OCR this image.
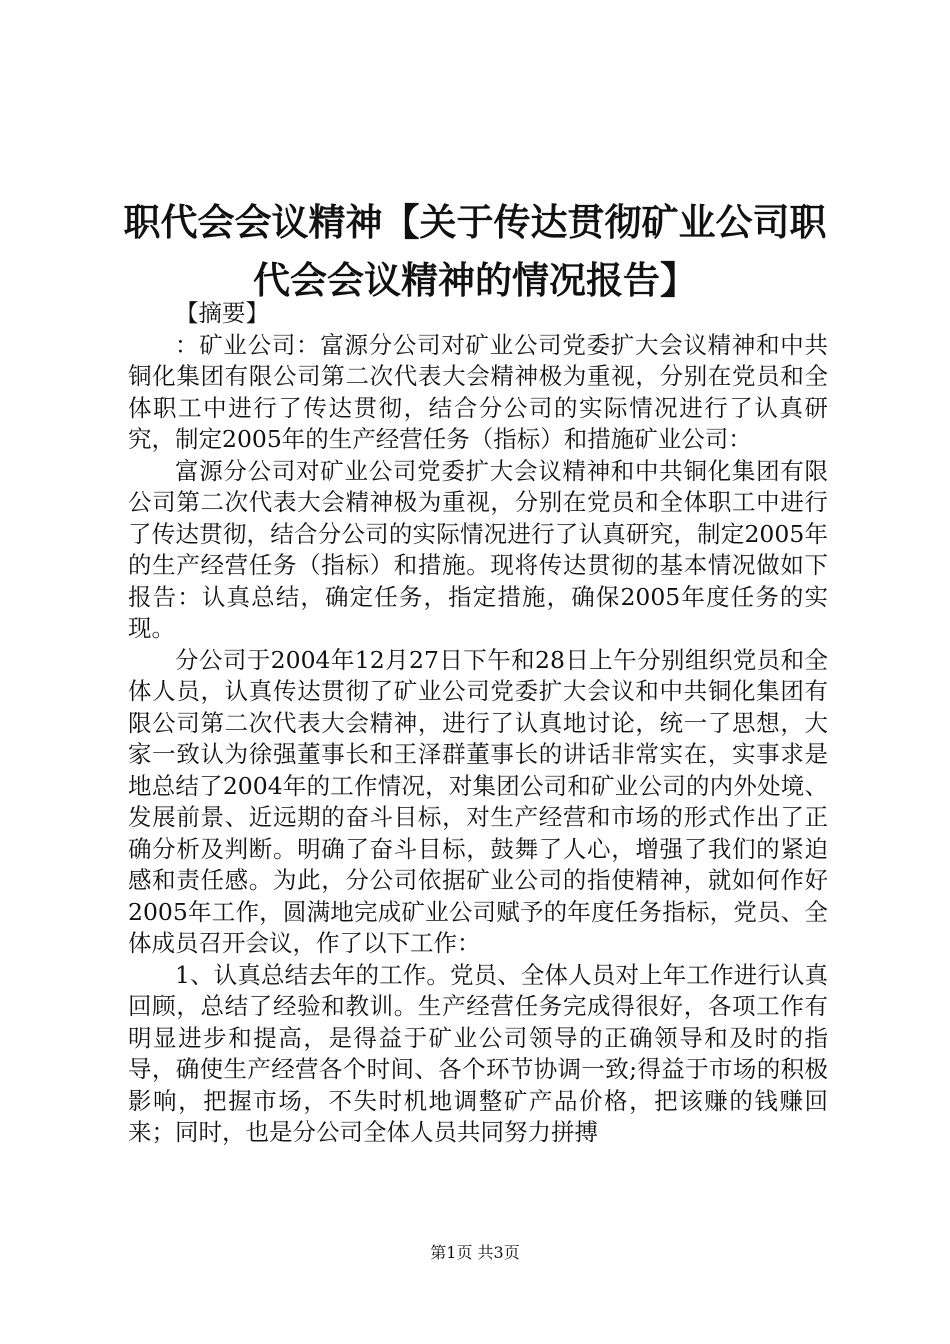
职代会会议精神【关于传达贯彻矿业公司职代会会议精神的情况报告】

【摘要】

：矿业公司：富源分公司对矿业公司党委扩大会议精神和中共铜化集团有限公司第二次代表大会精神极为重视，分别在党员和全体职工中进行了传达贯彻，结合分公司的实际情况进行了认真研究，制定2005年的生产经营任务（指标）和措施矿业公司：

富源分公司对矿业公司党委扩大会议精神和中共铜化集团有限公司第二次代表大会精神极为重视，分别在党员和全体职工中进行了传达贯彻，结合分公司的实际情况进行了认真研究，制定2005年的生产经营任务（指标）和措施。现将传达贯彻的基本情况做如下报告：认真总结，确定任务，指定措施，确保2005年度任务的实现。

分公司于2004年12月27日下午和28日上午分别组织党员和全体人员，认真传达贯彻了矿业公司党委扩大会议和中共铜化集团有限公司第二次代表大会精神，进行了认真地讨论，统一了思想，大家一致认为徐强董事长和王泽群董事长的讲话非常实在，实事求是地总结了2004年的工作情况，对集团公司和矿业公司的内外处境、发展前景、近远期的奋斗目标，对生产经营和市场的形式作出了正确分析及判断。明确了奋斗目标，鼓舞了人心，增强了我们的紧迫感和责任感。为此，分公司依据矿业公司的指使精神，就如何作好2005年工作，圆满地完成矿业公司赋予的年度任务指标，党员、全体成员召开会议，作了以下工作：

1、认真总结去年的工作。党员、全体人员对上年工作进行认真回顾，总结了经验和教训。生产经营任务完成得很好，各项工作有明显进步和提高，是得益于矿业公司领导的正确领导和及时的指导，确使生产经营各个时间、各个环节协调一致;得益于市场的积极影响，把握市场，不失时机地调整矿产品价格，把该赚的钱赚回来；同时，也是分公司全体人员共同努力拼搏

第1页 共3页
